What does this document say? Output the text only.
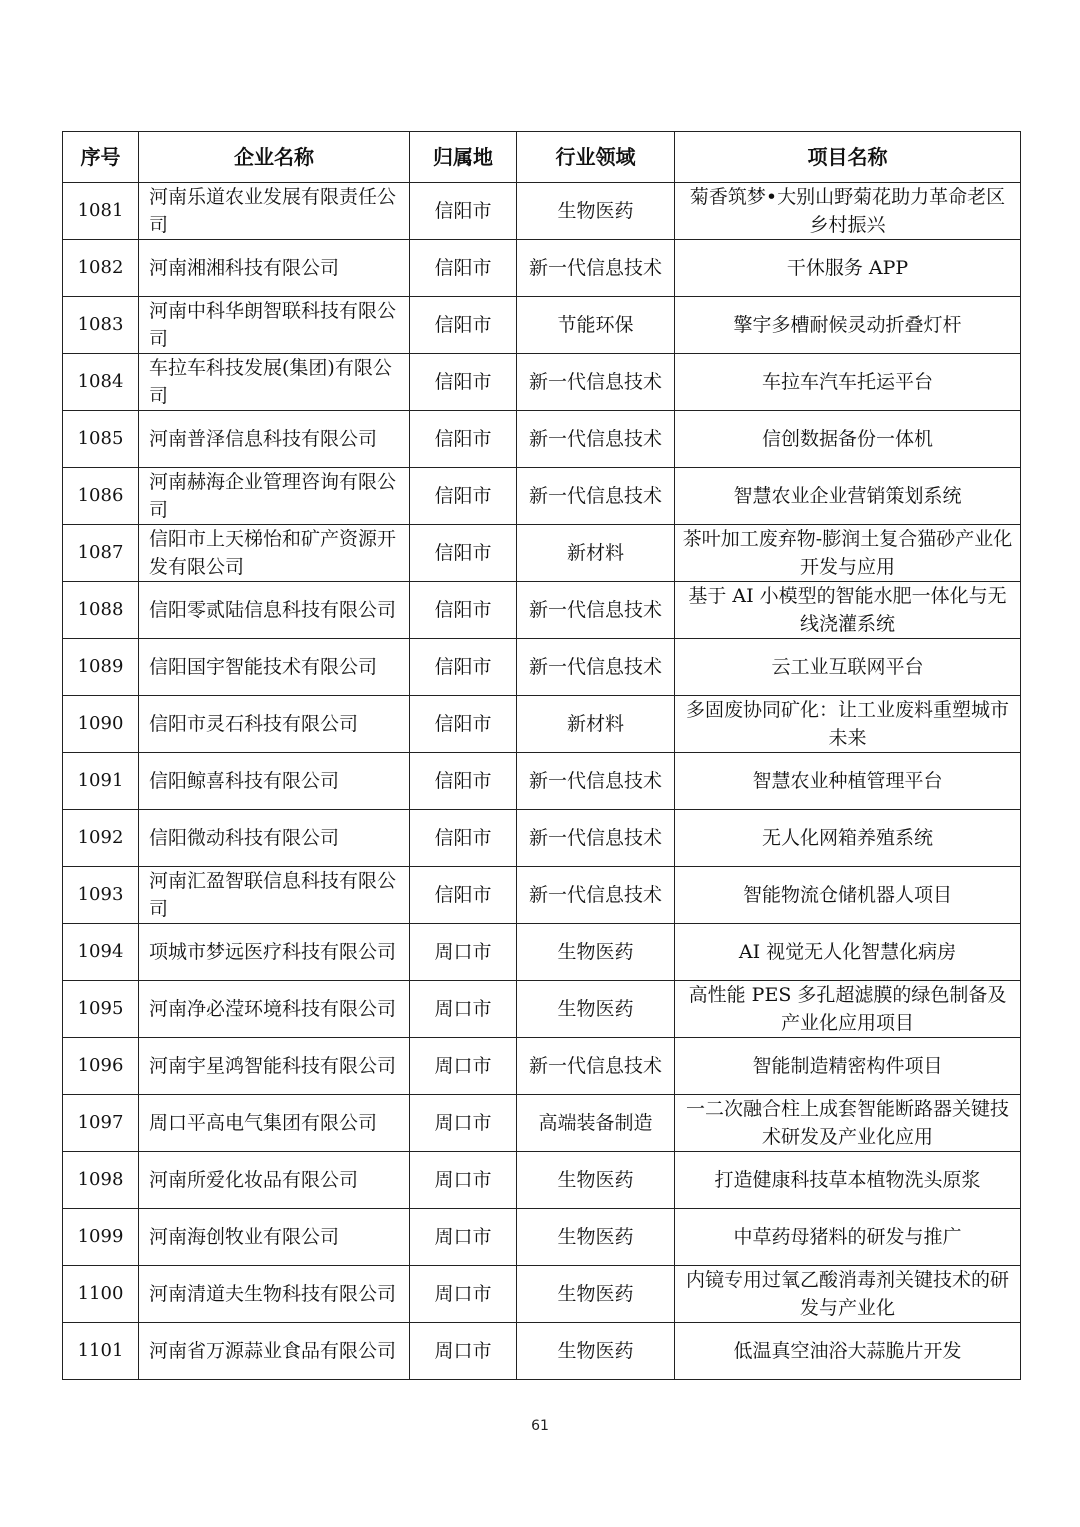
序号	企业名称	归属地	行业领域	项目名称
1081	河南乐道农业发展有限责任公司	信阳市	生物医药	菊香筑梦•大别山野菊花助力革命老区乡村振兴
1082	河南湘湘科技有限公司	信阳市	新一代信息技术	干休服务 APP
1083	河南中科华朗智联科技有限公司	信阳市	节能环保	擎宇多槽耐候灵动折叠灯杆
1084	车拉车科技发展(集团)有限公司	信阳市	新一代信息技术	车拉车汽车托运平台
1085	河南普泽信息科技有限公司	信阳市	新一代信息技术	信创数据备份一体机
1086	河南赫海企业管理咨询有限公司	信阳市	新一代信息技术	智慧农业企业营销策划系统
1087	信阳市上天梯怡和矿产资源开发有限公司	信阳市	新材料	茶叶加工废弃物-膨润土复合猫砂产业化开发与应用
1088	信阳零贰陆信息科技有限公司	信阳市	新一代信息技术	基于 AI 小模型的智能水肥一体化与无线浇灌系统
1089	信阳国宇智能技术有限公司	信阳市	新一代信息技术	云工业互联网平台
1090	信阳市灵石科技有限公司	信阳市	新材料	多固废协同矿化：让工业废料重塑城市未来
1091	信阳鲸喜科技有限公司	信阳市	新一代信息技术	智慧农业种植管理平台
1092	信阳微动科技有限公司	信阳市	新一代信息技术	无人化网箱养殖系统
1093	河南汇盈智联信息科技有限公司	信阳市	新一代信息技术	智能物流仓储机器人项目
1094	项城市梦远医疗科技有限公司	周口市	生物医药	AI 视觉无人化智慧化病房
1095	河南净必滢环境科技有限公司	周口市	生物医药	高性能 PES 多孔超滤膜的绿色制备及产业化应用项目
1096	河南宇星鸿智能科技有限公司	周口市	新一代信息技术	智能制造精密构件项目
1097	周口平高电气集团有限公司	周口市	高端装备制造	一二次融合柱上成套智能断路器关键技术研发及产业化应用
1098	河南所爱化妆品有限公司	周口市	生物医药	打造健康科技草本植物洗头原浆
1099	河南海创牧业有限公司	周口市	生物医药	中草药母猪料的研发与推广
1100	河南清道夫生物科技有限公司	周口市	生物医药	内镜专用过氧乙酸消毒剂关键技术的研发与产业化
1101	河南省万源蒜业食品有限公司	周口市	生物医药	低温真空油浴大蒜脆片开发
61
